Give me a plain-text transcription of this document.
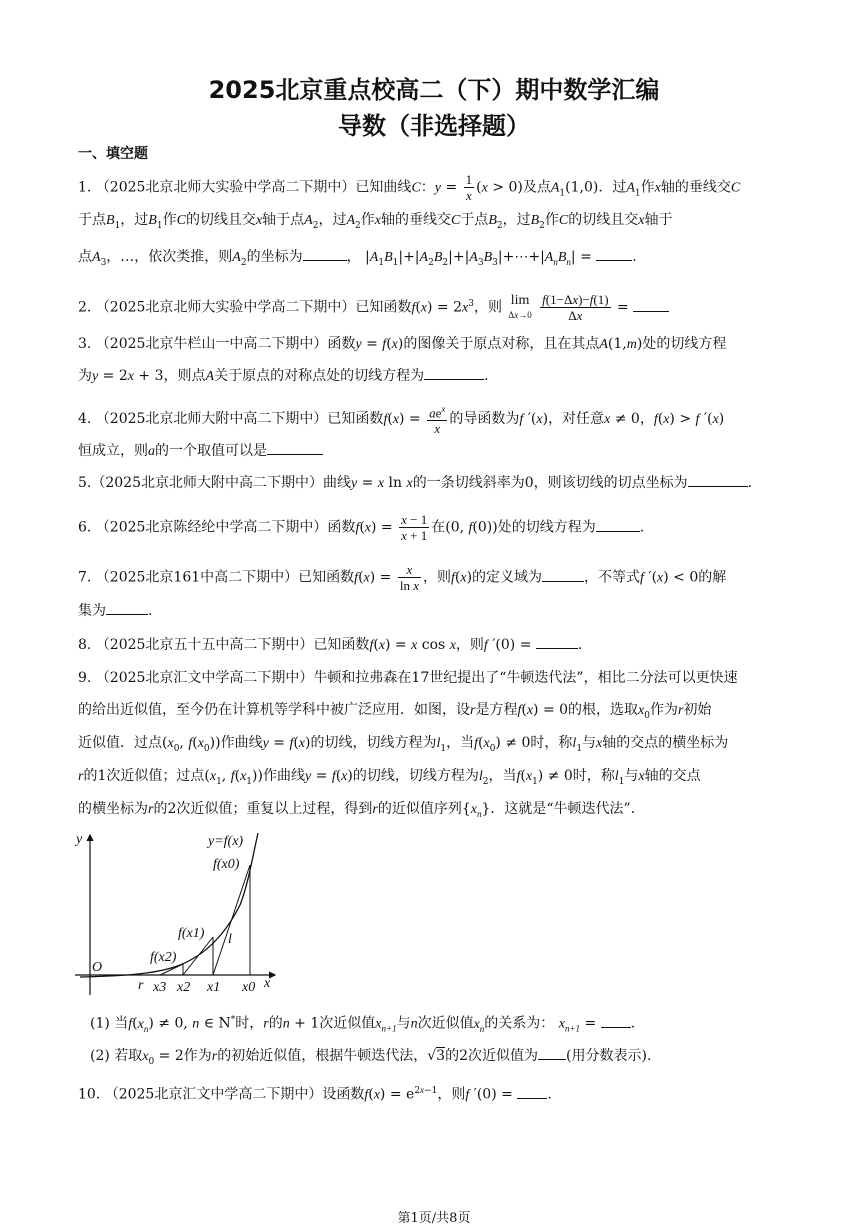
2025北京重点校高二（下）期中数学汇编
导数（非选择题）
一、填空题
1. （2025北京北师大实验中学高二下期中）已知曲线C：$y = \frac{1}{x} (x > 0)$及点$A_1(1,0)$．过$A_1$作x轴的垂线交C
于点$B_1$，过$B_1$作C的切线且交x轴于点$A_2$，过$A_2$作x轴的垂线交C于点$B_2$，过$B_2$作C的切线且交x轴于
点$A_3$，…，依次类推，则$A_2$的坐标为	， $|A_1B_1|+|A_2B_2|+|A_3B_3|+\cdots+|A_nB_n|$ =	.
2. （2025北京北师大实验中学高二下期中）已知函数$f(x) = 2x^3$，则 lim
Δx→0
$\frac{f(1-\Delta x)-f(1)}{\Delta x}$ =
3. （2025北京牛栏山一中高二下期中）函数y = f(x)的图像关于原点对称，且在其点A(1,m)处的切线方程
为y = 2x + 3，则点A关于原点的对称点处的切线方程为	.
4. （2025北京北师大附中高二下期中）已知函数$f(x) = \frac{ae^x}{x}$ 的导函数为f ′(x)，对任意x ≠ 0，f(x) > f ′(x)
恒成立，则a的一个取值可以是
5.（2025北京北师大附中高二下期中）曲线y = x ln x的一条切线斜率为0，则该切线的切点坐标为	.
6. （2025北京陈经纶中学高二下期中）函数$f(x) = \frac{x - 1}{x + 1}$ 在(0, f(0))处的切线方程为	.
7. （2025北京161中高二下期中）已知函数$f(x) = \frac{x}{\text{ln x}}$ ，则f(x)的定义域为	，不等式f ′(x) < 0的解
集为	.
8. （2025北京五十五中高二下期中）已知函数f(x) = x cos x，则f ′(0) =	.
9. （2025北京汇文中学高二下期中）牛顿和拉弗森在17世纪提出了“牛顿迭代法”，相比二分法可以更快速
的给出近似值，至今仍在计算机等学科中被广泛应用．如图，设r是方程f(x) = 0的根，选取$x_0$作为r初始
近似值．过点($x_0$, $f(x_0)$)作曲线y = f(x)的切线，切线方程为$l_1$，当$f(x_0) \ne 0$时，称$l_1$与x轴的交点的横坐标为
r的1次近似值；过点($x_1$, $f(x_1)$)作曲线y = f(x)的切线，切线方程为$l_2$，当$f(x_1) \ne 0$时，称$l_1$与x轴的交点
的横坐标为r的2次近似值；重复以上过程，得到r的近似值序列$\{x_n\}$．这就是“牛顿迭代法”．
y	y=f(x)
f(x0)
f(x1)
f(x2)
l
O
r x3 x2 x1 x0 x
(1) 当$f(x_n) \ne 0$, n ∈ N*时，r的n + 1次近似值$x_{n+1}$与n次近似值$x_n$的关系为： $x_{n+1}$ = .
(2) 若取$x_0 = 2$作为r的初始近似值，根据牛顿迭代法，√3的2次近似值为 (用分数表示).
10. （2025北京汇文中学高二下期中）设函数$f(x) = e^{2x-1}$，则f ′(0) = .
第1页/共8页
